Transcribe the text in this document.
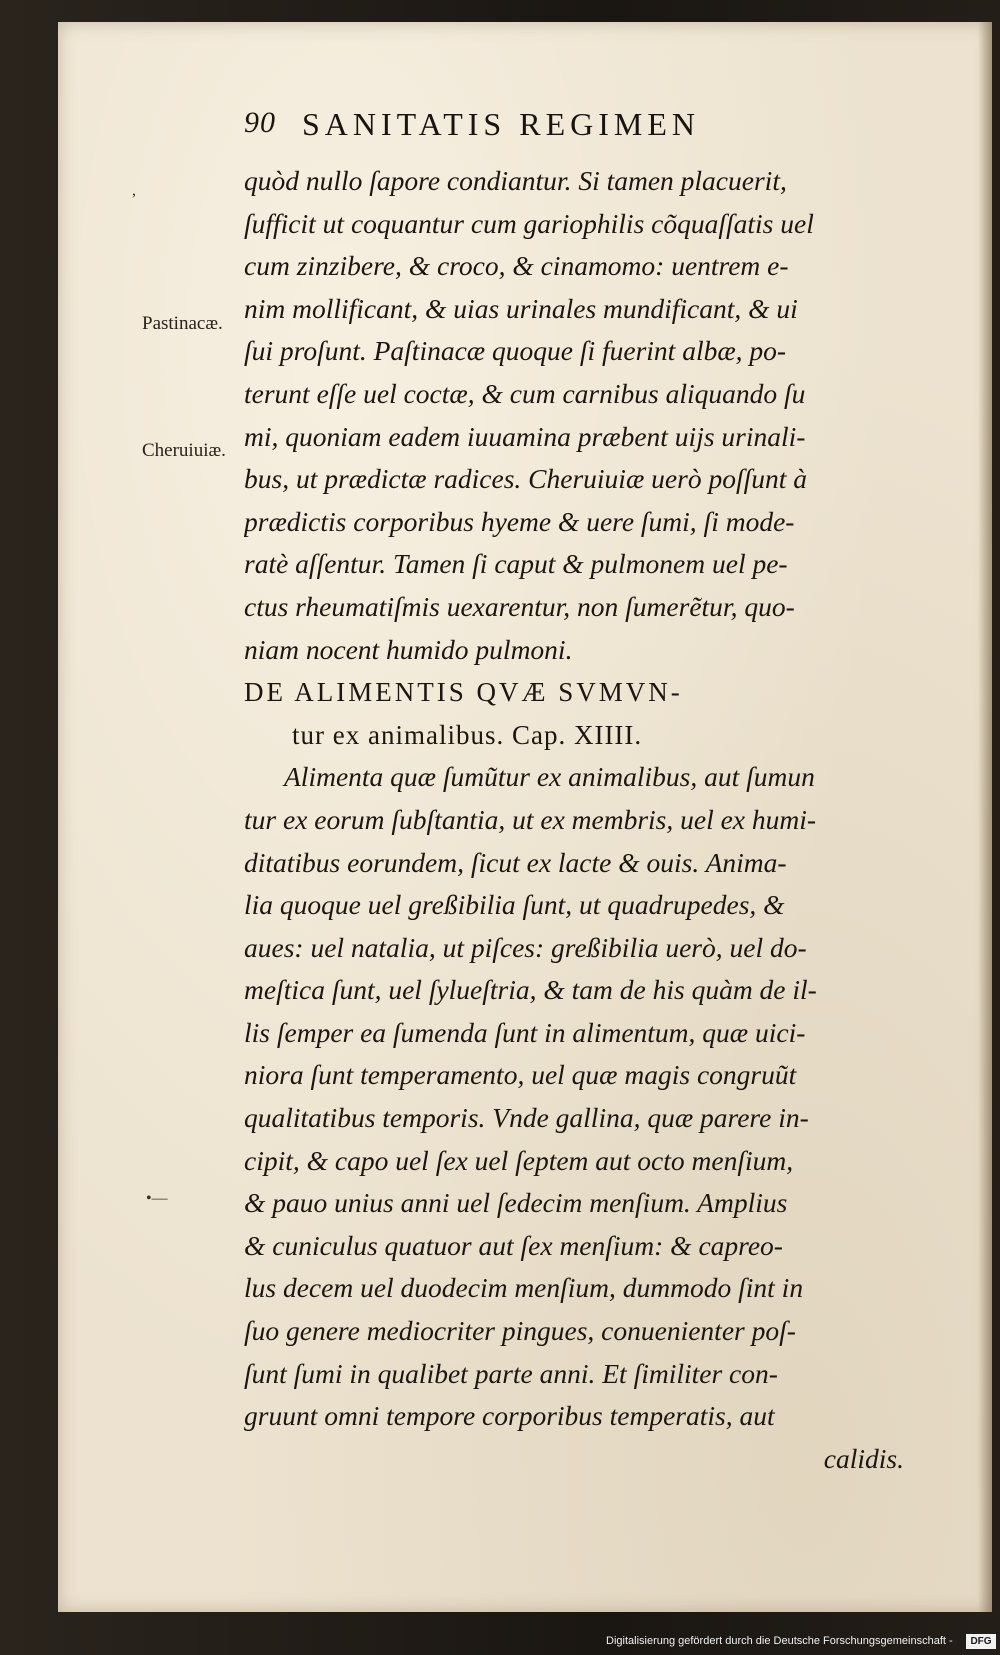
90 SANITATIS REGIMEN
Pastinacæ.
Cheruiuiæ.
,
•—
quòd nullo ſapore condiantur. Si tamen placuerit,
ſufficit ut coquantur cum gariophilis cõquaſſatis uel
cum zinzibere, & croco, & cinamomo: uentrem e-
nim mollificant, & uias urinales mundificant, & ui
ſui proſunt. Paſtinacæ quoque ſi fuerint albæ, po-
terunt eſſe uel coctæ, & cum carnibus aliquando ſu
mi, quoniam eadem iuuamina præbent uijs urinali-
bus, ut prædictæ radices. Cheruiuiæ uerò poſſunt à
prædictis corporibus hyeme & uere ſumi, ſi mode-
ratè aſſentur. Tamen ſi caput & pulmonem uel pe-
ctus rheumatiſmis uexarentur, non ſumerẽtur, quo-
niam nocent humido pulmoni.
DE ALIMENTIS QVÆ SVMVN-
tur ex animalibus. Cap. XIIII.
Alimenta quæ ſumũtur ex animalibus, aut ſumun
tur ex eorum ſubſtantia, ut ex membris, uel ex humi-
ditatibus eorundem, ſicut ex lacte & ouis. Anima-
lia quoque uel greßibilia ſunt, ut quadrupedes, &
aues: uel natalia, ut piſces: greßibilia uerò, uel do-
meſtica ſunt, uel ſylueſtria, & tam de his quàm de il-
lis ſemper ea ſumenda ſunt in alimentum, quæ uici-
niora ſunt temperamento, uel quæ magis congruũt
qualitatibus temporis. Vnde gallina, quæ parere in-
cipit, & capo uel ſex uel ſeptem aut octo menſium,
& pauo unius anni uel ſedecim menſium. Amplius
& cuniculus quatuor aut ſex menſium: & capreo-
lus decem uel duodecim menſium, dummodo ſint in
ſuo genere mediocriter pingues, conuenienter poſ-
ſunt ſumi in qualibet parte anni. Et ſimiliter con-
gruunt omni tempore corporibus temperatis, aut
calidis.
Digitalisierung gefördert durch die Deutsche Forschungsgemeinschaft -	DFG
